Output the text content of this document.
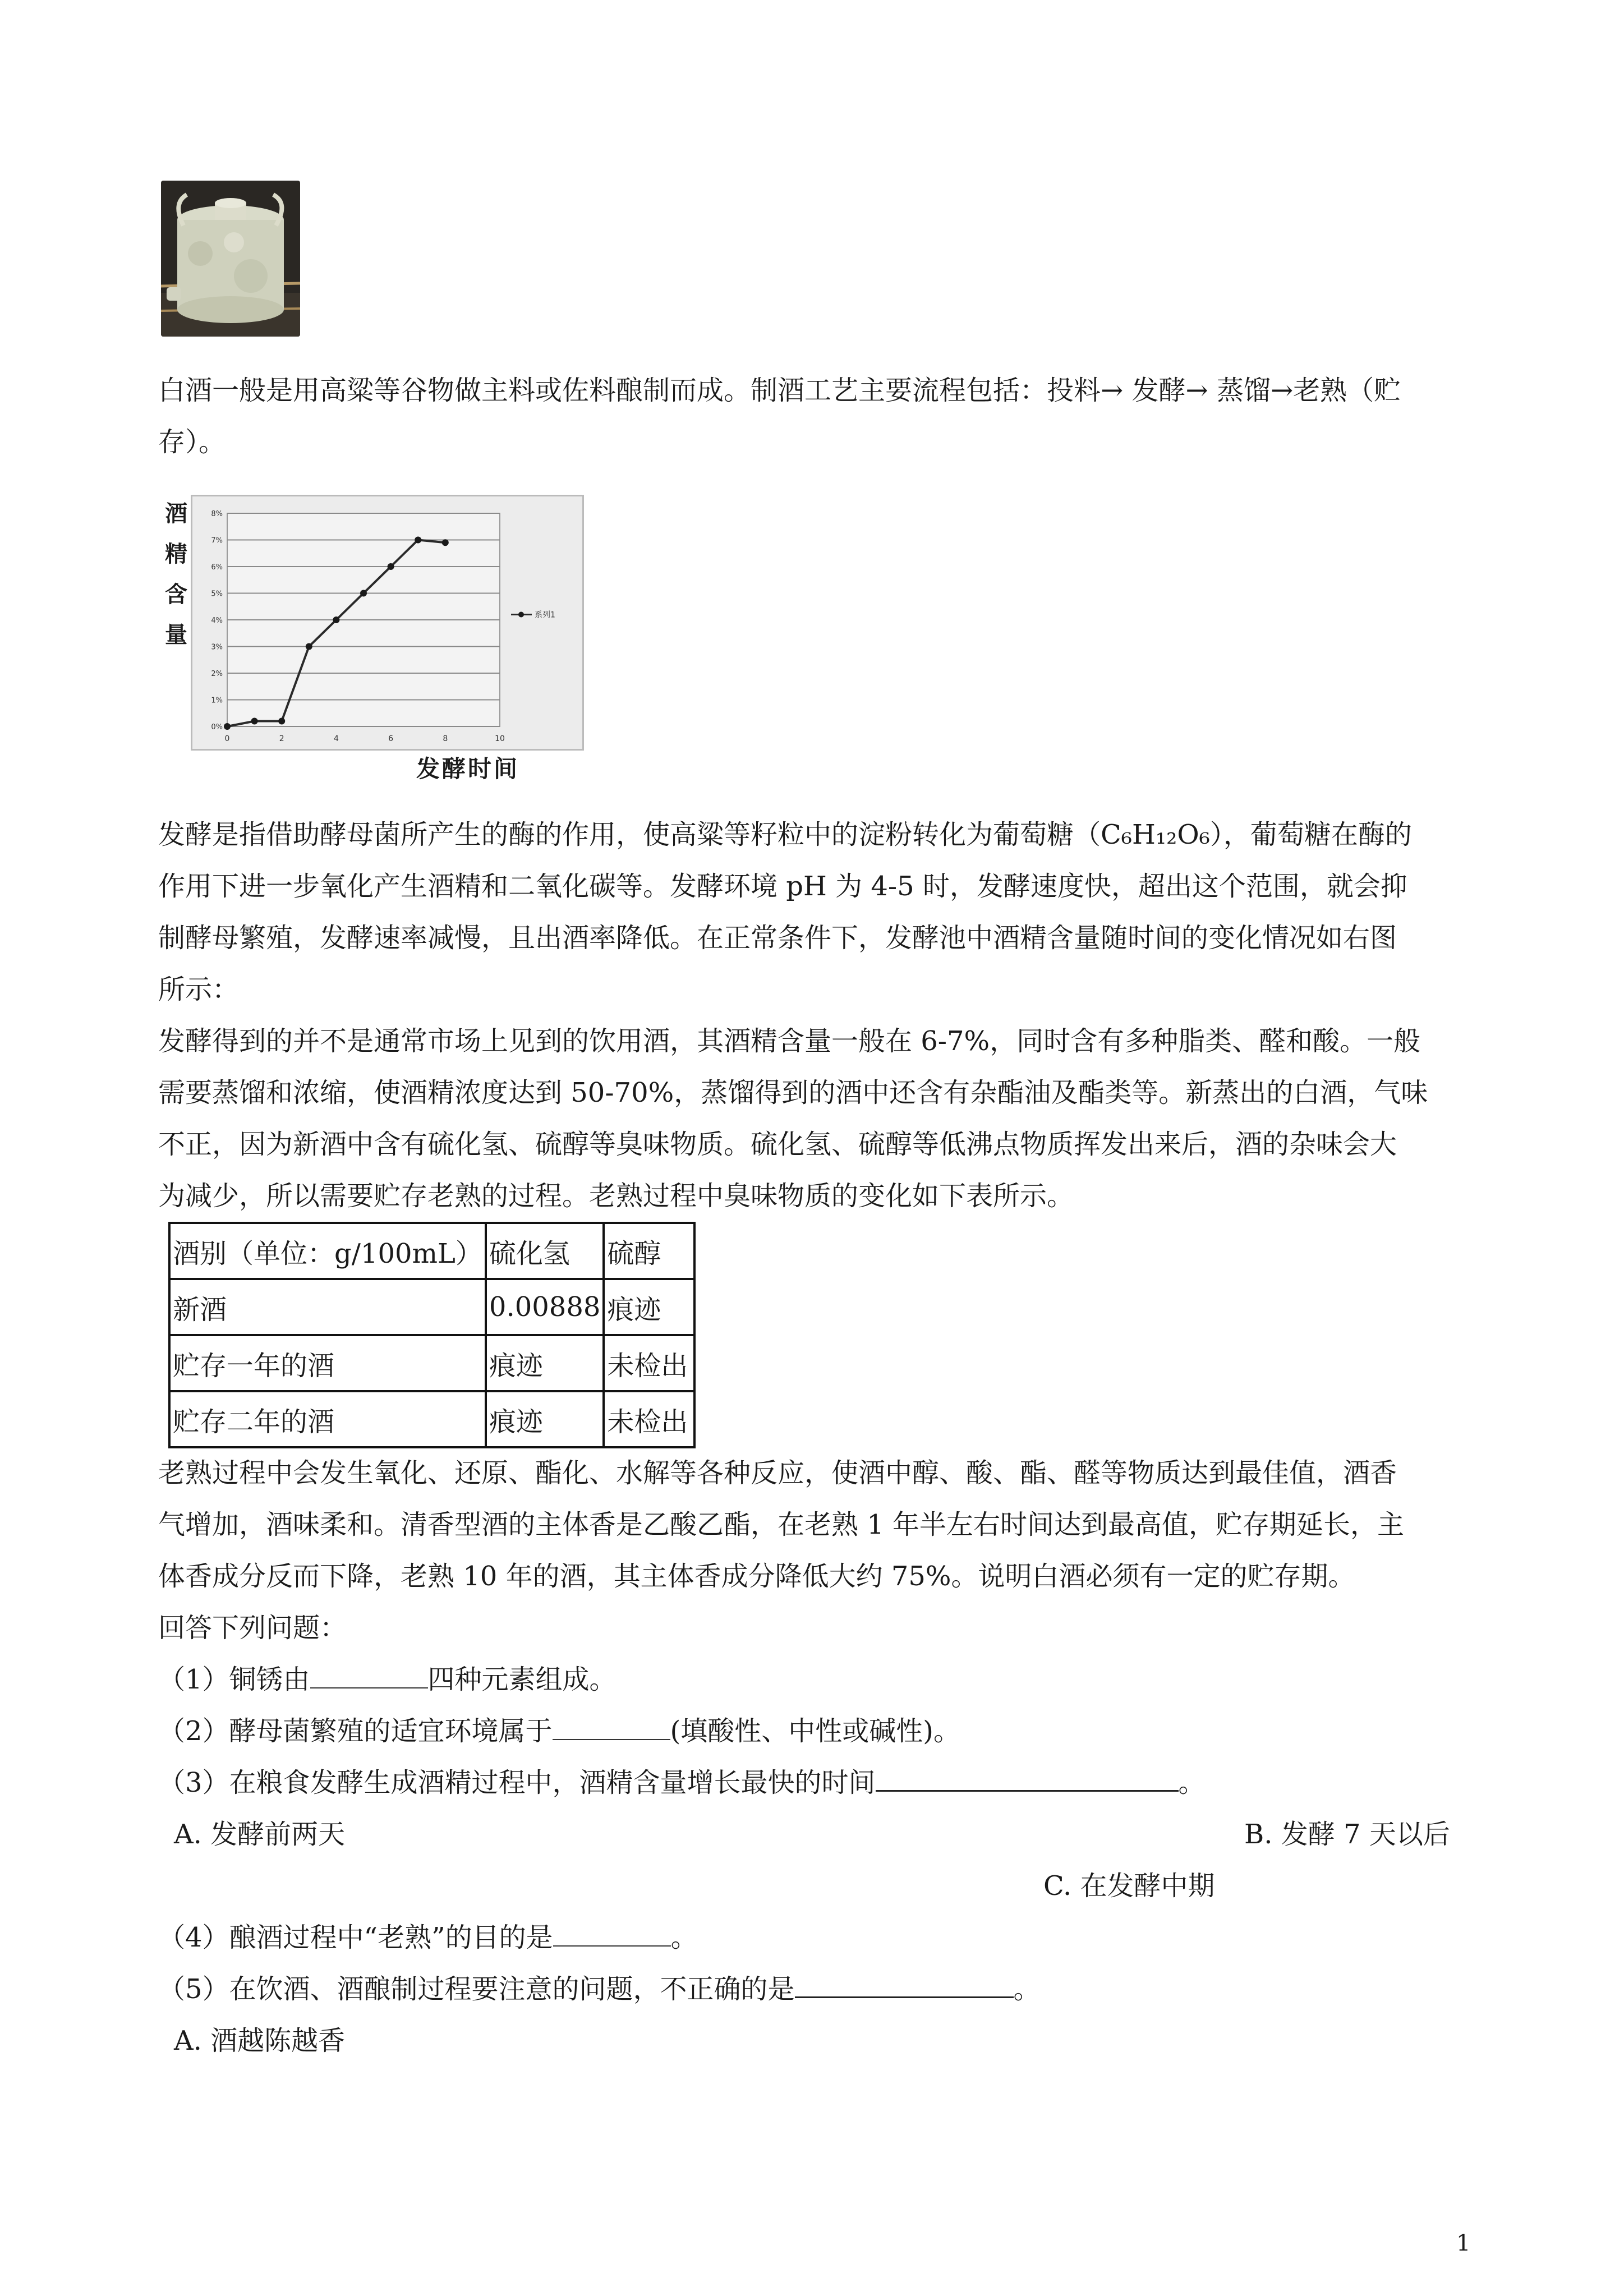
白酒一般是用高粱等谷物做主料或佐料酿制而成。制酒工艺主要流程包括：投料→ 发酵→ 蒸馏→老熟（贮
存）。
酒
精
含
量
0%
1%
2%
3%
4%
5%
6%
7%
8%
0	2	4	6	8	10
系列1
发酵时间
发酵是指借助酵母菌所产生的酶的作用，使高粱等籽粒中的淀粉转化为葡萄糖（C₆H₁₂O₆），葡萄糖在酶的
作用下进一步氧化产生酒精和二氧化碳等。发酵环境 pH 为 4-5 时，发酵速度快，超出这个范围，就会抑
制酵母繁殖，发酵速率减慢，且出酒率降低。在正常条件下，发酵池中酒精含量随时间的变化情况如右图
所示：
发酵得到的并不是通常市场上见到的饮用酒，其酒精含量一般在 6-7%，同时含有多种脂类、醛和酸。一般
需要蒸馏和浓缩，使酒精浓度达到 50-70%，蒸馏得到的酒中还含有杂酯油及酯类等。新蒸出的白酒，气味
不正，因为新酒中含有硫化氢、硫醇等臭味物质。硫化氢、硫醇等低沸点物质挥发出来后，酒的杂味会大
为减少，所以需要贮存老熟的过程。老熟过程中臭味物质的变化如下表所示。
酒别（单位：g/100mL）	硫化氢	硫醇
新酒	0.00888	痕迹
贮存一年的酒	痕迹	未检出
贮存二年的酒	痕迹	未检出
老熟过程中会发生氧化、还原、酯化、水解等各种反应，使酒中醇、酸、酯、醛等物质达到最佳值，酒香
气增加，酒味柔和。清香型酒的主体香是乙酸乙酯，在老熟 1 年半左右时间达到最高值，贮存期延长，主
体香成分反而下降，老熟 10 年的酒，其主体香成分降低大约 75%。说明白酒必须有一定的贮存期。
回答下列问题：
（1）铜锈由	四种元素组成。
（2）酵母菌繁殖的适宜环境属于	(填酸性、中性或碱性)。
（3）在粮食发酵生成酒精过程中，酒精含量增长最快的时间	。
A. 发酵前两天	B. 发酵 7 天以后
C. 在发酵中期
（4）酿酒过程中“老熟”的目的是	。
（5）在饮酒、酒酿制过程要注意的问题，不正确的是	。
A. 酒越陈越香
1
